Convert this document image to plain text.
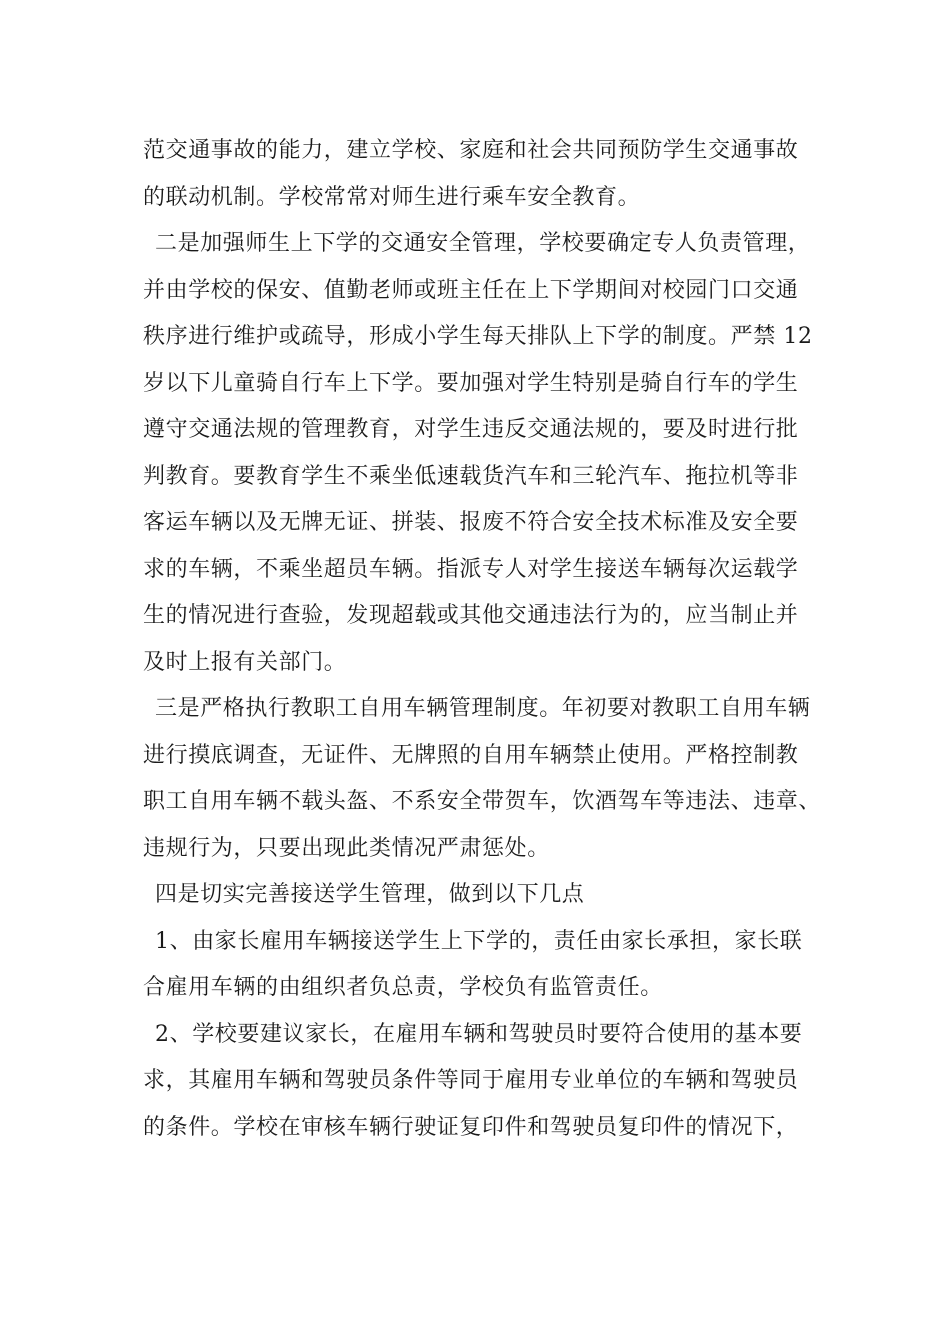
范交通事故的能力，建立学校、家庭和社会共同预防学生交通事故
的联动机制。学校常常对师生进行乘车安全教育。
二是加强师生上下学的交通安全管理，学校要确定专人负责管理，
并由学校的保安、值勤老师或班主任在上下学期间对校园门口交通
秩序进行维护或疏导，形成小学生每天排队上下学的制度。严禁 12
岁以下儿童骑自行车上下学。要加强对学生特别是骑自行车的学生
遵守交通法规的管理教育，对学生违反交通法规的，要及时进行批
判教育。要教育学生不乘坐低速载货汽车和三轮汽车、拖拉机等非
客运车辆以及无牌无证、拼装、报废不符合安全技术标准及安全要
求的车辆，不乘坐超员车辆。指派专人对学生接送车辆每次运载学
生的情况进行查验，发现超载或其他交通违法行为的，应当制止并
及时上报有关部门。
三是严格执行教职工自用车辆管理制度。年初要对教职工自用车辆
进行摸底调查，无证件、无牌照的自用车辆禁止使用。严格控制教
职工自用车辆不载头盔、不系安全带贺车，饮酒驾车等违法、违章、
违规行为，只要出现此类情况严肃惩处。
四是切实完善接送学生管理，做到以下几点
1、由家长雇用车辆接送学生上下学的，责任由家长承担，家长联
合雇用车辆的由组织者负总责，学校负有监管责任。
2、学校要建议家长，在雇用车辆和驾驶员时要符合使用的基本要
求，其雇用车辆和驾驶员条件等同于雇用专业单位的车辆和驾驶员
的条件。学校在审核车辆行驶证复印件和驾驶员复印件的情况下，
